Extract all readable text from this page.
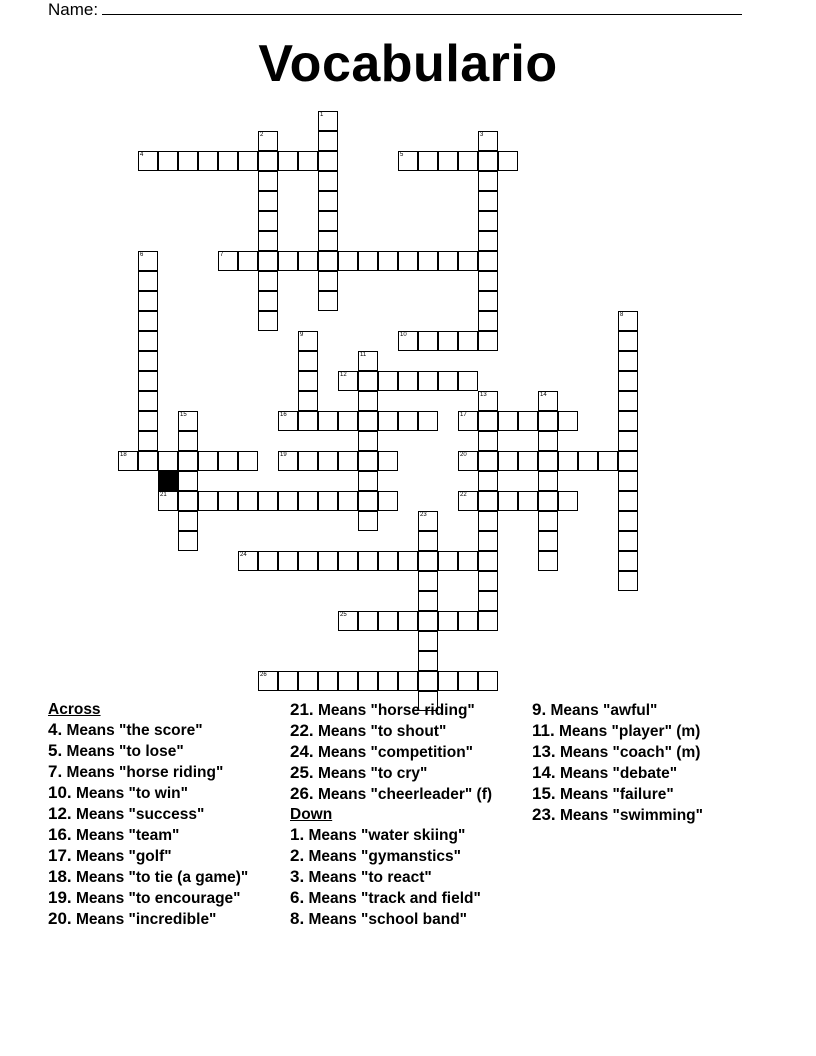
Name:
Vocabulario
1
2	3
4	5
6	7
8
9	10
11
12
13	14
15	16	17
18	19	20
21	22
23
24
25
26
Across
4. Means "the score"
5. Means "to lose"
7. Means "horse riding"
10. Means "to win"
12. Means "success"
16. Means "team"
17. Means "golf"
18. Means "to tie (a game)"
19. Means "to encourage"
20. Means "incredible"
21. Means "horse riding"
22. Means "to shout"
24. Means "competition"
25. Means "to cry"
26. Means "cheerleader" (f)
Down
1. Means "water skiing"
2. Means "gymanstics"
3. Means "to react"
6. Means "track and field"
8. Means "school band"
9. Means "awful"
11. Means "player" (m)
13. Means "coach" (m)
14. Means "debate"
15. Means "failure"
23. Means "swimming"
